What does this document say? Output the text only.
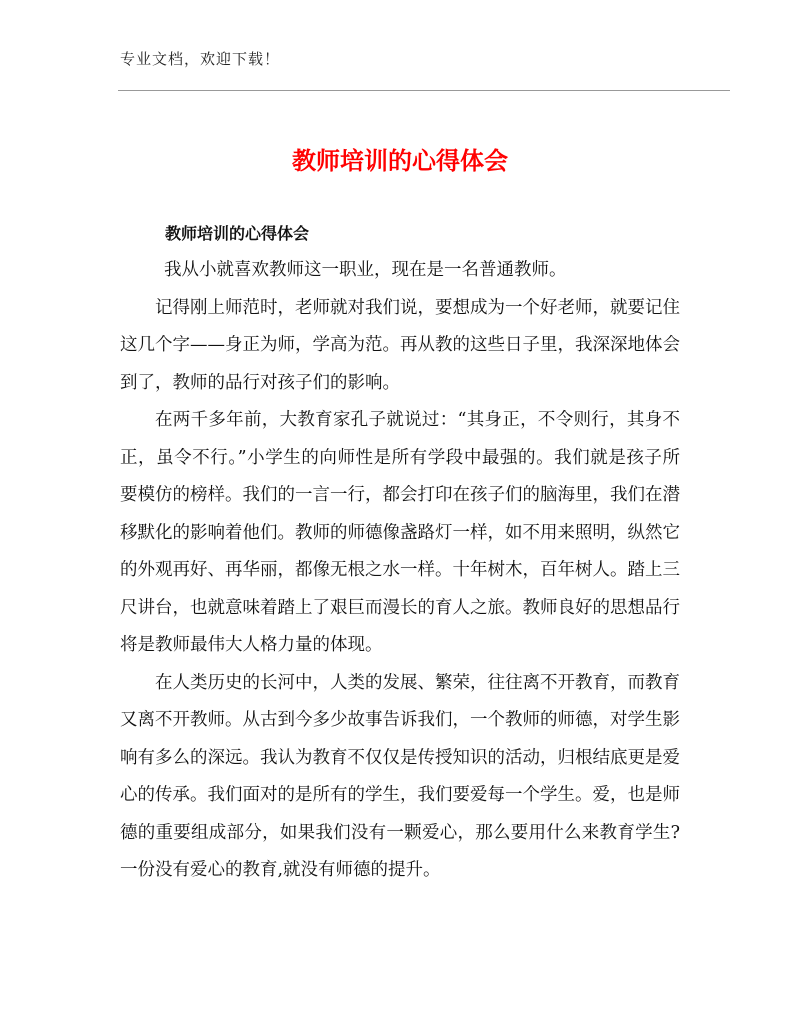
专业文档，欢迎下载！
教师培训的心得体会
教师培训的心得体会

我从小就喜欢教师这一职业，现在是一名普通教师。

记得刚上师范时，老师就对我们说，要想成为一个好老师，就要记住这几个字——身正为师，学高为范。再从教的这些日子里，我深深地体会到了，教师的品行对孩子们的影响。

在两千多年前，大教育家孔子就说过：“其身正，不令则行，其身不正，虽令不行。”小学生的向师性是所有学段中最强的。我们就是孩子所要模仿的榜样。我们的一言一行，都会打印在孩子们的脑海里，我们在潜移默化的影响着他们。教师的师德像盏路灯一样，如不用来照明，纵然它的外观再好、再华丽，都像无根之水一样。十年树木，百年树人。踏上三尺讲台，也就意味着踏上了艰巨而漫长的育人之旅。教师良好的思想品行将是教师最伟大人格力量的体现。

在人类历史的长河中，人类的发展、繁荣，往往离不开教育，而教育又离不开教师。从古到今多少故事告诉我们，一个教师的师德，对学生影响有多么的深远。我认为教育不仅仅是传授知识的活动，归根结底更是爱心的传承。我们面对的是所有的学生，我们要爱每一个学生。爱，也是师德的重要组成部分，如果我们没有一颗爱心，那么要用什么来教育学生?一份没有爱心的教育,就没有师德的提升。
